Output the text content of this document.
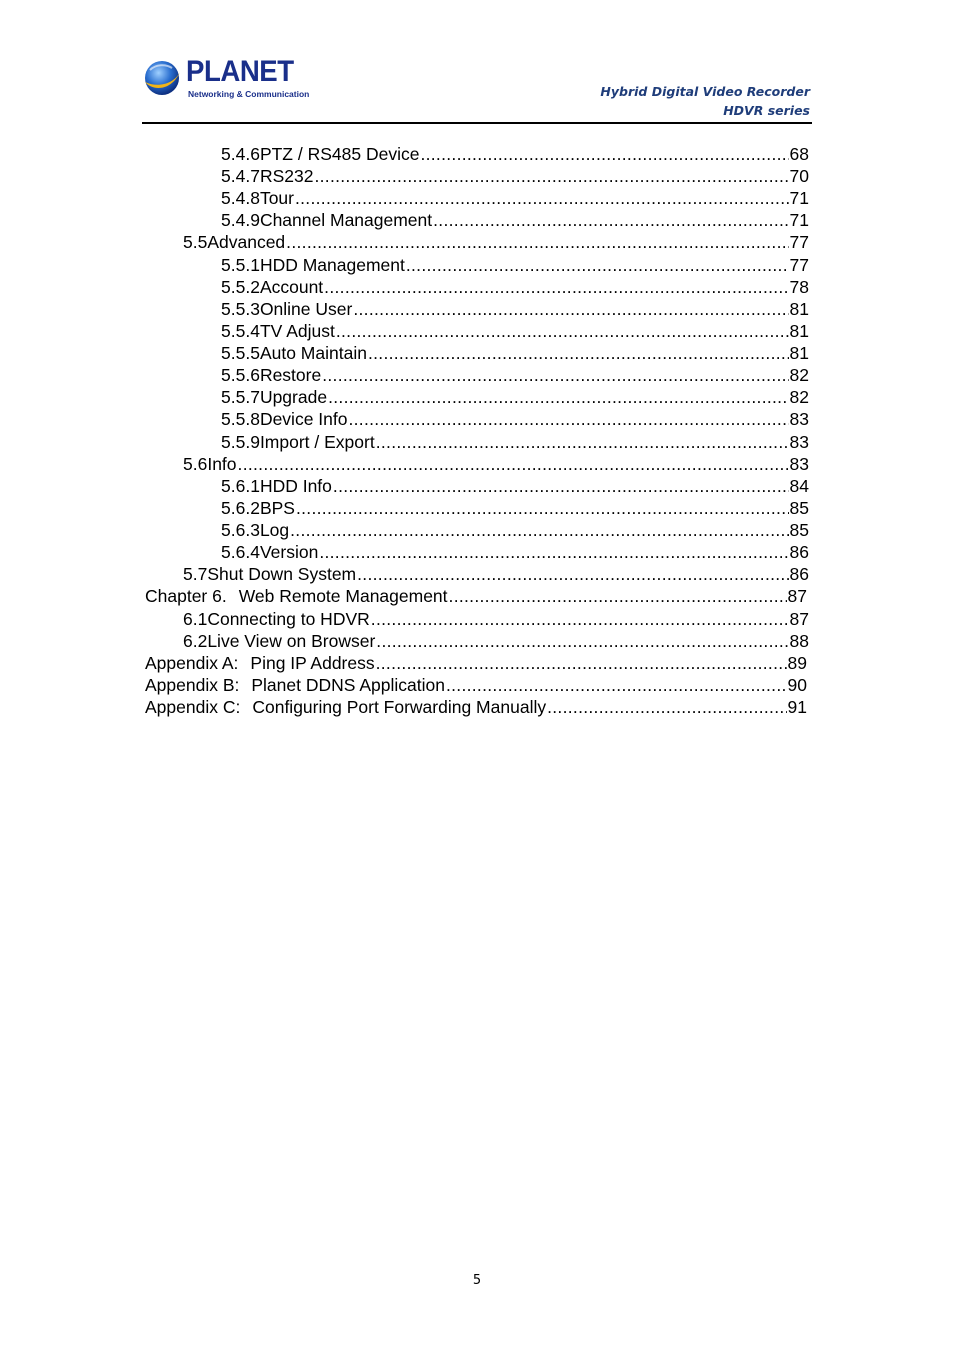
PLANET
Networking & Communication	Hybrid Digital Video Recorder
HDVR series
5.4.6 PTZ / RS485 Device .....	68
5.4.7 RS232 .....	70
5.4.8 Tour .....	71
5.4.9 Channel Management .....	71
5.5 Advanced .....	77
5.5.1 HDD Management .....	77
5.5.2 Account .....	78
5.5.3 Online User .....	81
5.5.4 TV Adjust .....	81
5.5.5 Auto Maintain .....	81
5.5.6 Restore .....	82
5.5.7 Upgrade .....	82
5.5.8 Device Info .....	83
5.5.9 Import / Export .....	83
5.6 Info .....	83
5.6.1 HDD Info .....	84
5.6.2 BPS .....	85
5.6.3 Log .....	85
5.6.4 Version .....	86
5.7 Shut Down System .....	86
Chapter 6. Web Remote Management .....	87
6.1 Connecting to HDVR .....	87
6.2 Live View on Browser .....	88
Appendix A: Ping IP Address .....	89
Appendix B: Planet DDNS Application .....	90
Appendix C: Configuring Port Forwarding Manually .....	91
5
